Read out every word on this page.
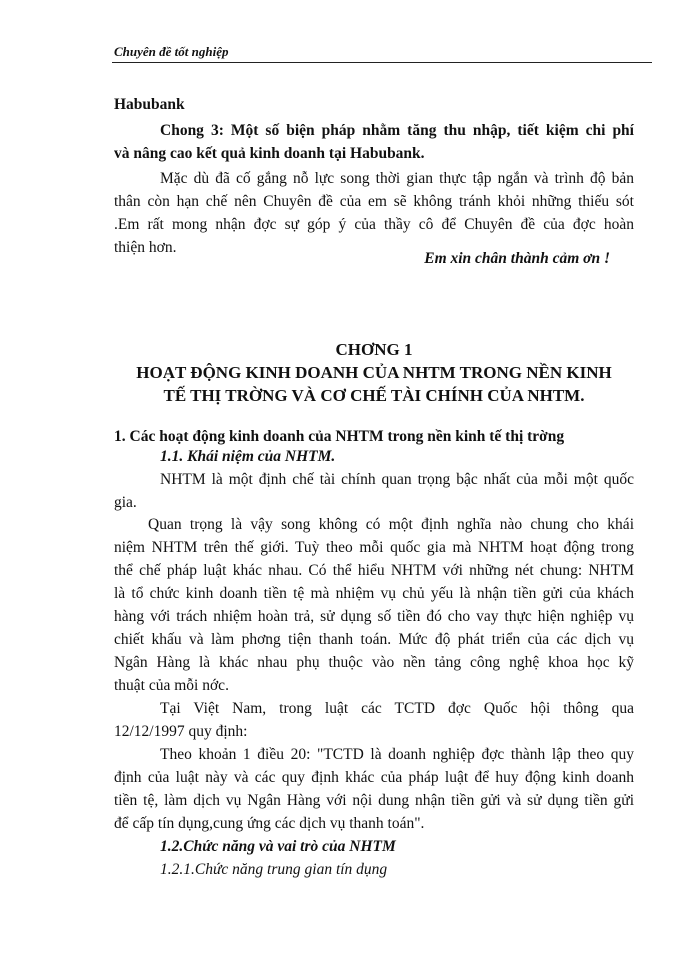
Chuyên đề tốt nghiệp
Habubank
Chong 3: Một số biện pháp nhằm tăng thu nhập, tiết kiệm chi phí
và nâng cao kết quả kinh doanh tại Habubank.
Mặc dù đã cố gắng nỗ lực song thời gian thực tập ngắn và trình độ bản
thân còn hạn chế nên Chuyên đề của em sẽ không tránh khỏi những thiếu sót
.Em rất mong nhận đợc sự góp ý của thầy cô để Chuyên đề của đợc hoàn
thiện hơn.
Em xin chân thành cảm ơn !
CHƠNG 1
HOẠT ĐỘNG KINH DOANH CỦA NHTM TRONG NỀN KINH
TẾ THỊ TRỜNG VÀ CƠ CHẾ TÀI CHÍNH CỦA NHTM.
1. Các hoạt động kinh doanh của NHTM trong nền kinh tế thị trờng
1.1. Khái niệm của NHTM.
NHTM là một định chế tài chính quan trọng bậc nhất của mỗi một quốc
gia.
Quan trọng là vậy song không có một định nghĩa nào chung cho khái
niệm NHTM trên thế giới. Tuỳ theo mỗi quốc gia mà NHTM hoạt động trong
thể chế pháp luật khác nhau. Có thể hiểu NHTM với những nét chung: NHTM
là tổ chức kinh doanh tiền tệ mà nhiệm vụ chủ yếu là nhận tiền gửi của khách
hàng với trách nhiệm hoàn trả, sử dụng số tiền đó cho vay thực hiện nghiệp vụ
chiết khấu và làm phơng tiện thanh toán. Mức độ phát triển của các dịch vụ
Ngân Hàng là khác nhau phụ thuộc vào nền tảng công nghệ khoa học kỹ
thuật của mỗi nớc.
Tại Việt Nam, trong luật các TCTD đợc Quốc hội thông qua
12/12/1997 quy định:
Theo khoản 1 điều 20: "TCTD là doanh nghiệp đợc thành lập theo quy
định của luật này và các quy định khác của pháp luật để huy động kinh doanh
tiền tệ, làm dịch vụ Ngân Hàng với nội dung nhận tiền gửi và sử dụng tiền gửi
để cấp tín dụng,cung ứng các dịch vụ thanh toán".
1.2.Chức năng và vai trò của NHTM
1.2.1.Chức năng trung gian tín dụng
